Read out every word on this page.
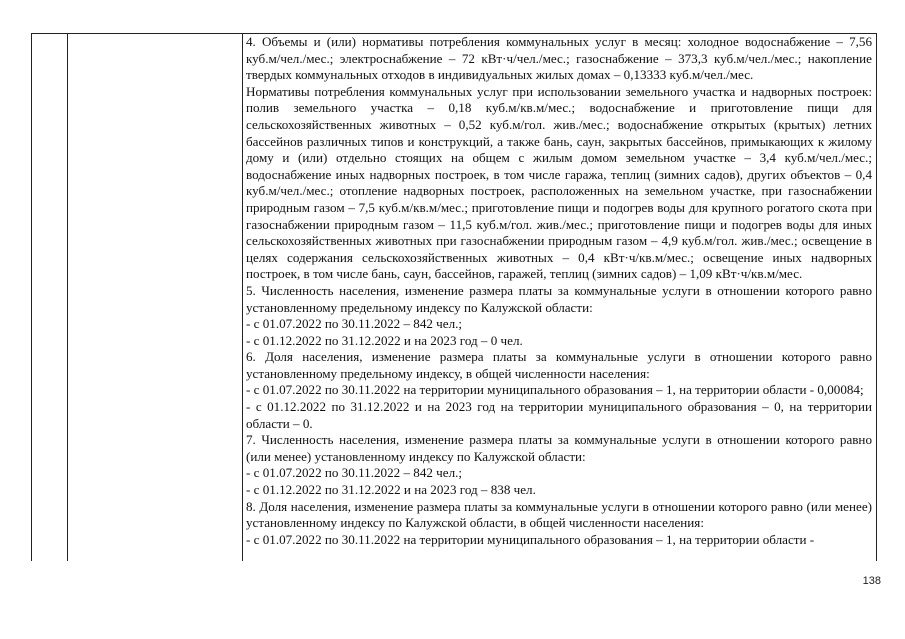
4. Объемы и (или) нормативы потребления коммунальных услуг в месяц: холодное водоснабжение – 7,56 куб.м/чел./мес.; электроснабжение – 72 кВт·ч/чел./мес.; газоснабжение – 373,3 куб.м/чел./мес.; накопление твердых коммунальных отходов в индивидуальных жилых домах – 0,13333 куб.м/чел./мес.

Нормативы потребления коммунальных услуг при использовании земельного участка и надворных построек: полив земельного участка – 0,18 куб.м/кв.м/мес.; водоснабжение и приготовление пищи для сельскохозяйственных животных – 0,52 куб.м/гол. жив./мес.; водоснабжение открытых (крытых) летних бассейнов различных типов и конструкций, а также бань, саун, закрытых бассейнов, примыкающих к жилому дому и (или) отдельно стоящих на общем с жилым домом земельном участке – 3,4 куб.м/чел./мес.; водоснабжение иных надворных построек, в том числе гаража, теплиц (зимних садов), других объектов – 0,4 куб.м/чел./мес.; отопление надворных построек, расположенных на земельном участке, при газоснабжении природным газом – 7,5 куб.м/кв.м/мес.; приготовление пищи и подогрев воды для крупного рогатого скота при газоснабжении природным газом – 11,5 куб.м/гол. жив./мес.; приготовление пищи и подогрев воды для иных сельскохозяйственных животных при газоснабжении природным газом – 4,9 куб.м/гол. жив./мес.; освещение в целях содержания сельскохозяйственных животных – 0,4 кВт·ч/кв.м/мес.; освещение иных надворных построек, в том числе бань, саун, бассейнов, гаражей, теплиц (зимних садов) – 1,09 кВт·ч/кв.м/мес.

5. Численность населения, изменение размера платы за коммунальные услуги в отношении которого равно установленному предельному индексу по Калужской области:

- с 01.07.2022 по 30.11.2022 – 842 чел.;

- с 01.12.2022 по 31.12.2022 и на 2023 год – 0 чел.

6. Доля населения, изменение размера платы за коммунальные услуги в отношении которого равно установленному предельному индексу, в общей численности населения:

- с 01.07.2022 по 30.11.2022 на территории муниципального образования – 1, на территории области - 0,00084;

- с 01.12.2022 по 31.12.2022 и на 2023 год на территории муниципального образования – 0, на территории области – 0.

7. Численность населения, изменение размера платы за коммунальные услуги в отношении которого равно (или менее) установленному индексу по Калужской области:

- с 01.07.2022 по 30.11.2022 – 842 чел.;

- с 01.12.2022 по 31.12.2022 и на 2023 год – 838 чел.

8. Доля населения, изменение размера платы за коммунальные услуги в отношении которого равно (или менее) установленному индексу по Калужской области, в общей численности населения:

- с 01.07.2022 по 30.11.2022 на территории муниципального образования – 1, на территории области -

138
